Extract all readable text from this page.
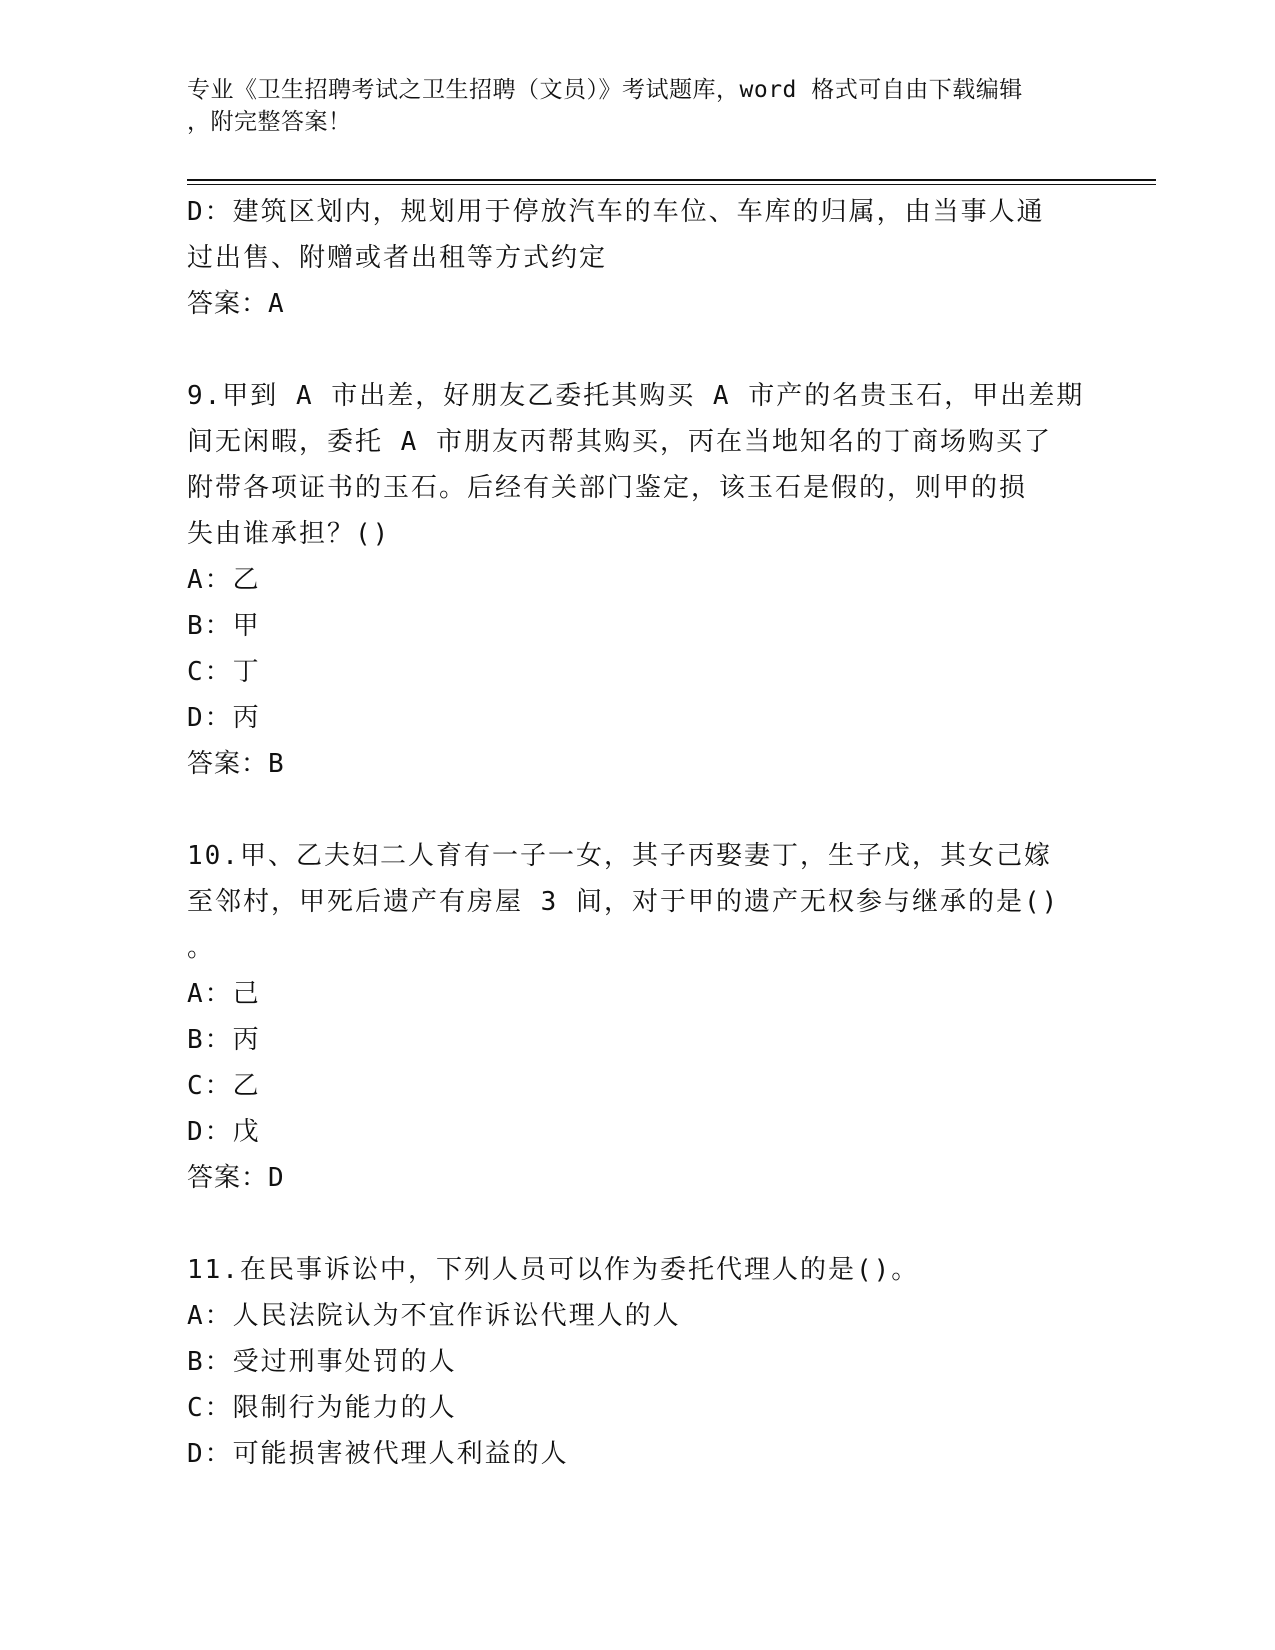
专业《卫生招聘考试之卫生招聘（文员）》考试题库，word 格式可自由下载编辑
，附完整答案！
D：建筑区划内，规划用于停放汽车的车位、车库的归属，由当事人通
过出售、附赠或者出租等方式约定
答案：A
9.甲到 A 市出差，好朋友乙委托其购买 A 市产的名贵玉石，甲出差期
间无闲暇，委托 A 市朋友丙帮其购买，丙在当地知名的丁商场购买了
附带各项证书的玉石。后经有关部门鉴定，该玉石是假的，则甲的损
失由谁承担？()
A：乙
B：甲
C：丁
D：丙
答案：B
10.甲、乙夫妇二人育有一子一女，其子丙娶妻丁，生子戊，其女己嫁
至邻村，甲死后遗产有房屋 3 间，对于甲的遗产无权参与继承的是()
。
A：己
B：丙
C：乙
D：戊
答案：D
11.在民事诉讼中，下列人员可以作为委托代理人的是()。
A：人民法院认为不宜作诉讼代理人的人
B：受过刑事处罚的人
C：限制行为能力的人
D：可能损害被代理人利益的人
